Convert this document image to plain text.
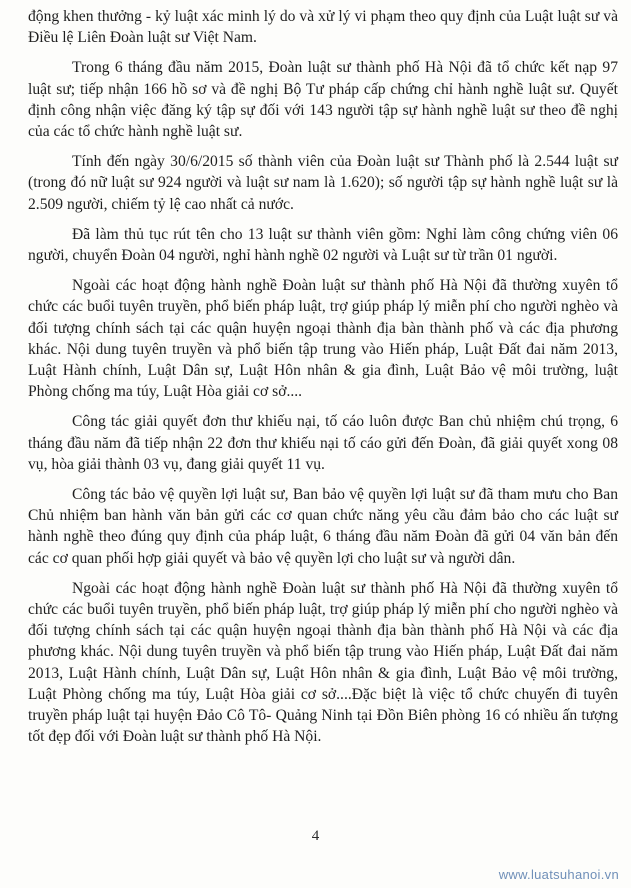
động khen thưởng - kỷ luật xác minh lý do và xử lý vi phạm theo quy định của Luật luật sư và Điều lệ Liên Đoàn luật sư Việt Nam.

Trong 6 tháng đầu năm 2015, Đoàn luật sư thành phố Hà Nội đã tổ chức kết nạp 97 luật sư; tiếp nhận 166 hồ sơ và đề nghị Bộ Tư pháp cấp chứng chỉ hành nghề luật sư. Quyết định công nhận việc đăng ký tập sự đối với 143 người tập sự hành nghề luật sư theo đề nghị của các tổ chức hành nghề luật sư.

Tính đến ngày 30/6/2015 số thành viên của Đoàn luật sư Thành phố là 2.544 luật sư (trong đó nữ luật sư 924 người và luật sư nam là 1.620); số người tập sự hành nghề luật sư là 2.509 người, chiếm tỷ lệ cao nhất cả nước.

Đã làm thủ tục rút tên cho 13 luật sư thành viên gồm: Nghỉ làm công chứng viên 06 người, chuyển Đoàn 04 người, nghỉ hành nghề 02 người và Luật sư từ trần 01 người.

Ngoài các hoạt động hành nghề Đoàn luật sư thành phố Hà Nội đã thường xuyên tổ chức các buổi tuyên truyền, phổ biến pháp luật, trợ giúp pháp lý miễn phí cho người nghèo và đối tượng chính sách tại các quận huyện ngoại thành địa bàn thành phố và các địa phương khác. Nội dung tuyên truyền và phổ biến tập trung vào Hiến pháp, Luật Đất đai năm 2013, Luật Hành chính, Luật Dân sự, Luật Hôn nhân & gia đình, Luật Bảo vệ môi trường, luật Phòng chống ma túy, Luật Hòa giải cơ sở....

Công tác giải quyết đơn thư khiếu nại, tố cáo luôn được Ban chủ nhiệm chú trọng, 6 tháng đầu năm đã tiếp nhận 22 đơn thư khiếu nại tố cáo gửi đến Đoàn, đã giải quyết xong 08 vụ, hòa giải thành 03 vụ, đang giải quyết 11 vụ.

Công tác bảo vệ quyền lợi luật sư, Ban bảo vệ quyền lợi luật sư đã tham mưu cho Ban Chủ nhiệm ban hành văn bản gửi các cơ quan chức năng yêu cầu đảm bảo cho các luật sư hành nghề theo đúng quy định của pháp luật, 6 tháng đầu năm Đoàn đã gửi 04 văn bản đến các cơ quan phối hợp giải quyết và bảo vệ quyền lợi cho luật sư và người dân.

Ngoài các hoạt động hành nghề Đoàn luật sư thành phố Hà Nội đã thường xuyên tổ chức các buổi tuyên truyền, phổ biến pháp luật, trợ giúp pháp lý miễn phí cho người nghèo và đối tượng chính sách tại các quận huyện ngoại thành địa bàn thành phố Hà Nội và các địa phương khác. Nội dung tuyên truyền và phổ biến tập trung vào Hiến pháp, Luật Đất đai năm 2013, Luật Hành chính, Luật Dân sự, Luật Hôn nhân & gia đình, Luật Bảo vệ môi trường, Luật Phòng chống ma túy, Luật Hòa giải cơ sở....Đặc biệt là việc tổ chức chuyến đi tuyên truyền pháp luật tại huyện Đảo Cô Tô- Quảng Ninh tại Đồn Biên phòng 16 có nhiều ấn tượng tốt đẹp đối với Đoàn luật sư thành phố Hà Nội.

4
www.luatsuhanoi.vn
